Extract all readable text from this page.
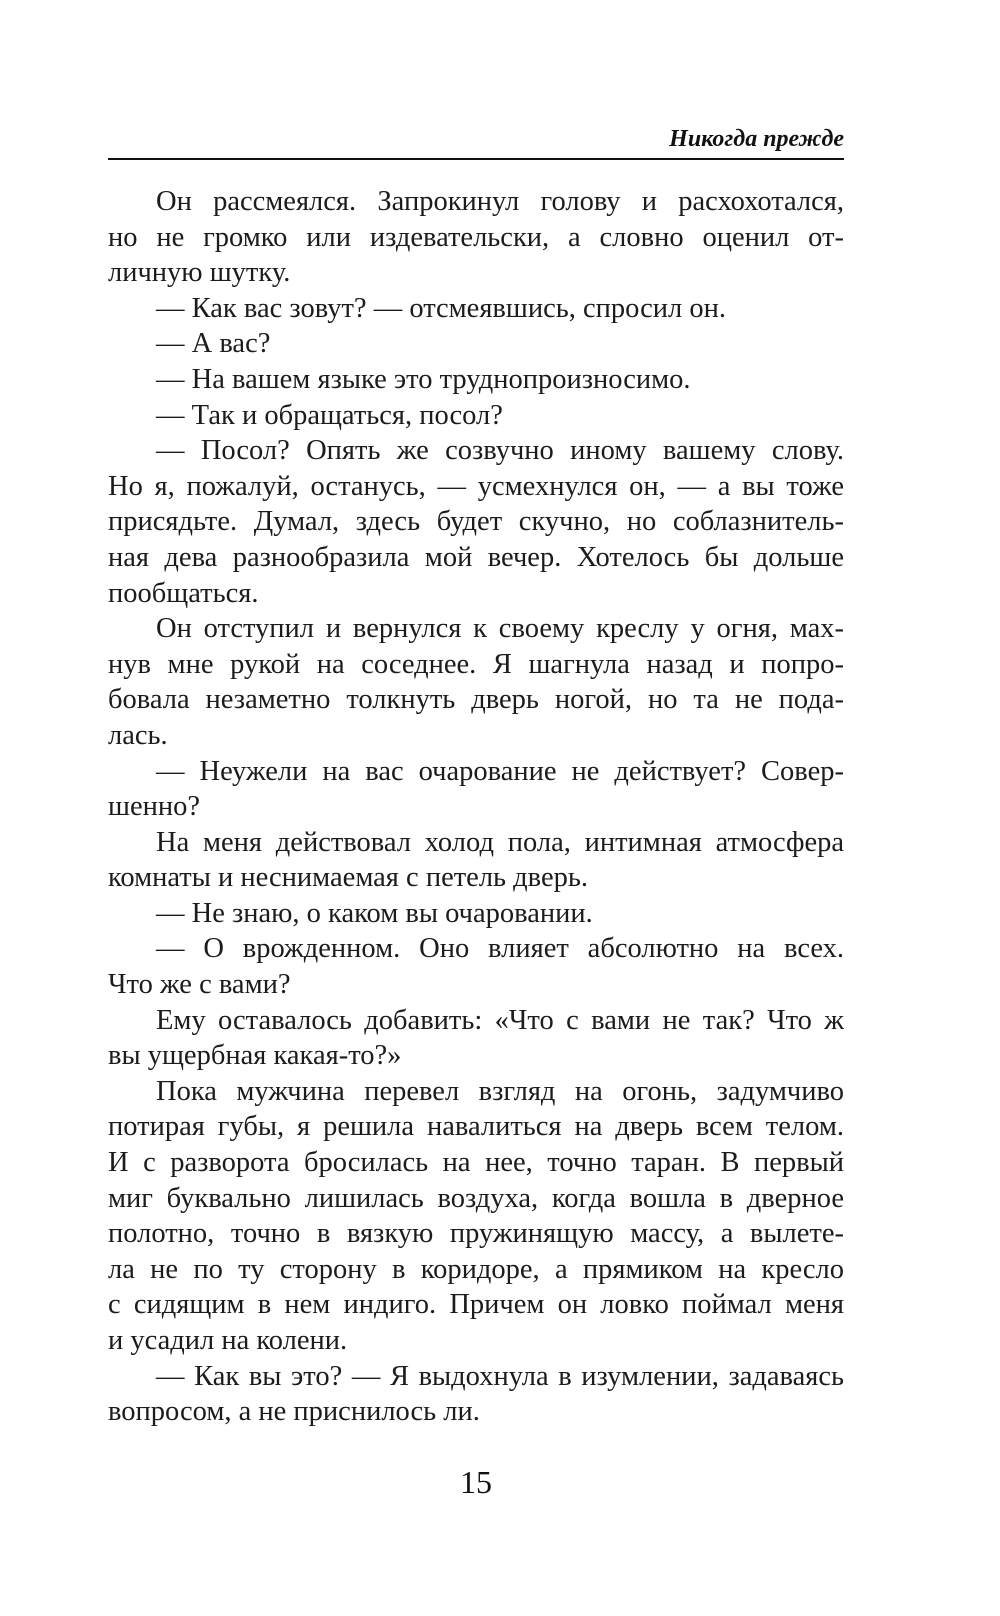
Никогда прежде
Он рассмеялся. Запрокинул голову и расхохотался,
но не громко или издевательски, а словно оценил от-
личную шутку.
— Как вас зовут? — отсмеявшись, спросил он.
— А вас?
— На вашем языке это труднопроизносимо.
— Так и обращаться, посол?
— Посол? Опять же созвучно иному вашему слову.
Но я, пожалуй, останусь, — усмехнулся он, — а вы тоже
присядьте. Думал, здесь будет скучно, но соблазнитель-
ная дева разнообразила мой вечер. Хотелось бы дольше
пообщаться.
Он отступил и вернулся к своему креслу у огня, мах-
нув мне рукой на соседнее. Я шагнула назад и попро-
бовала незаметно толкнуть дверь ногой, но та не пода-
лась.
— Неужели на вас очарование не действует? Совер-
шенно?
На меня действовал холод пола, интимная атмосфера
комнаты и неснимаемая с петель дверь.
— Не знаю, о каком вы очаровании.
— О врожденном. Оно влияет абсолютно на всех.
Что же с вами?
Ему оставалось добавить: «Что с вами не так? Что ж
вы ущербная какая-то?»
Пока мужчина перевел взгляд на огонь, задумчиво
потирая губы, я решила навалиться на дверь всем телом.
И с разворота бросилась на нее, точно таран. В первый
миг буквально лишилась воздуха, когда вошла в дверное
полотно, точно в вязкую пружинящую массу, а вылете-
ла не по ту сторону в коридоре, а прямиком на кресло
с сидящим в нем индиго. Причем он ловко поймал меня
и усадил на колени.
— Как вы это? — Я выдохнула в изумлении, задаваясь
вопросом, а не приснилось ли.
15
